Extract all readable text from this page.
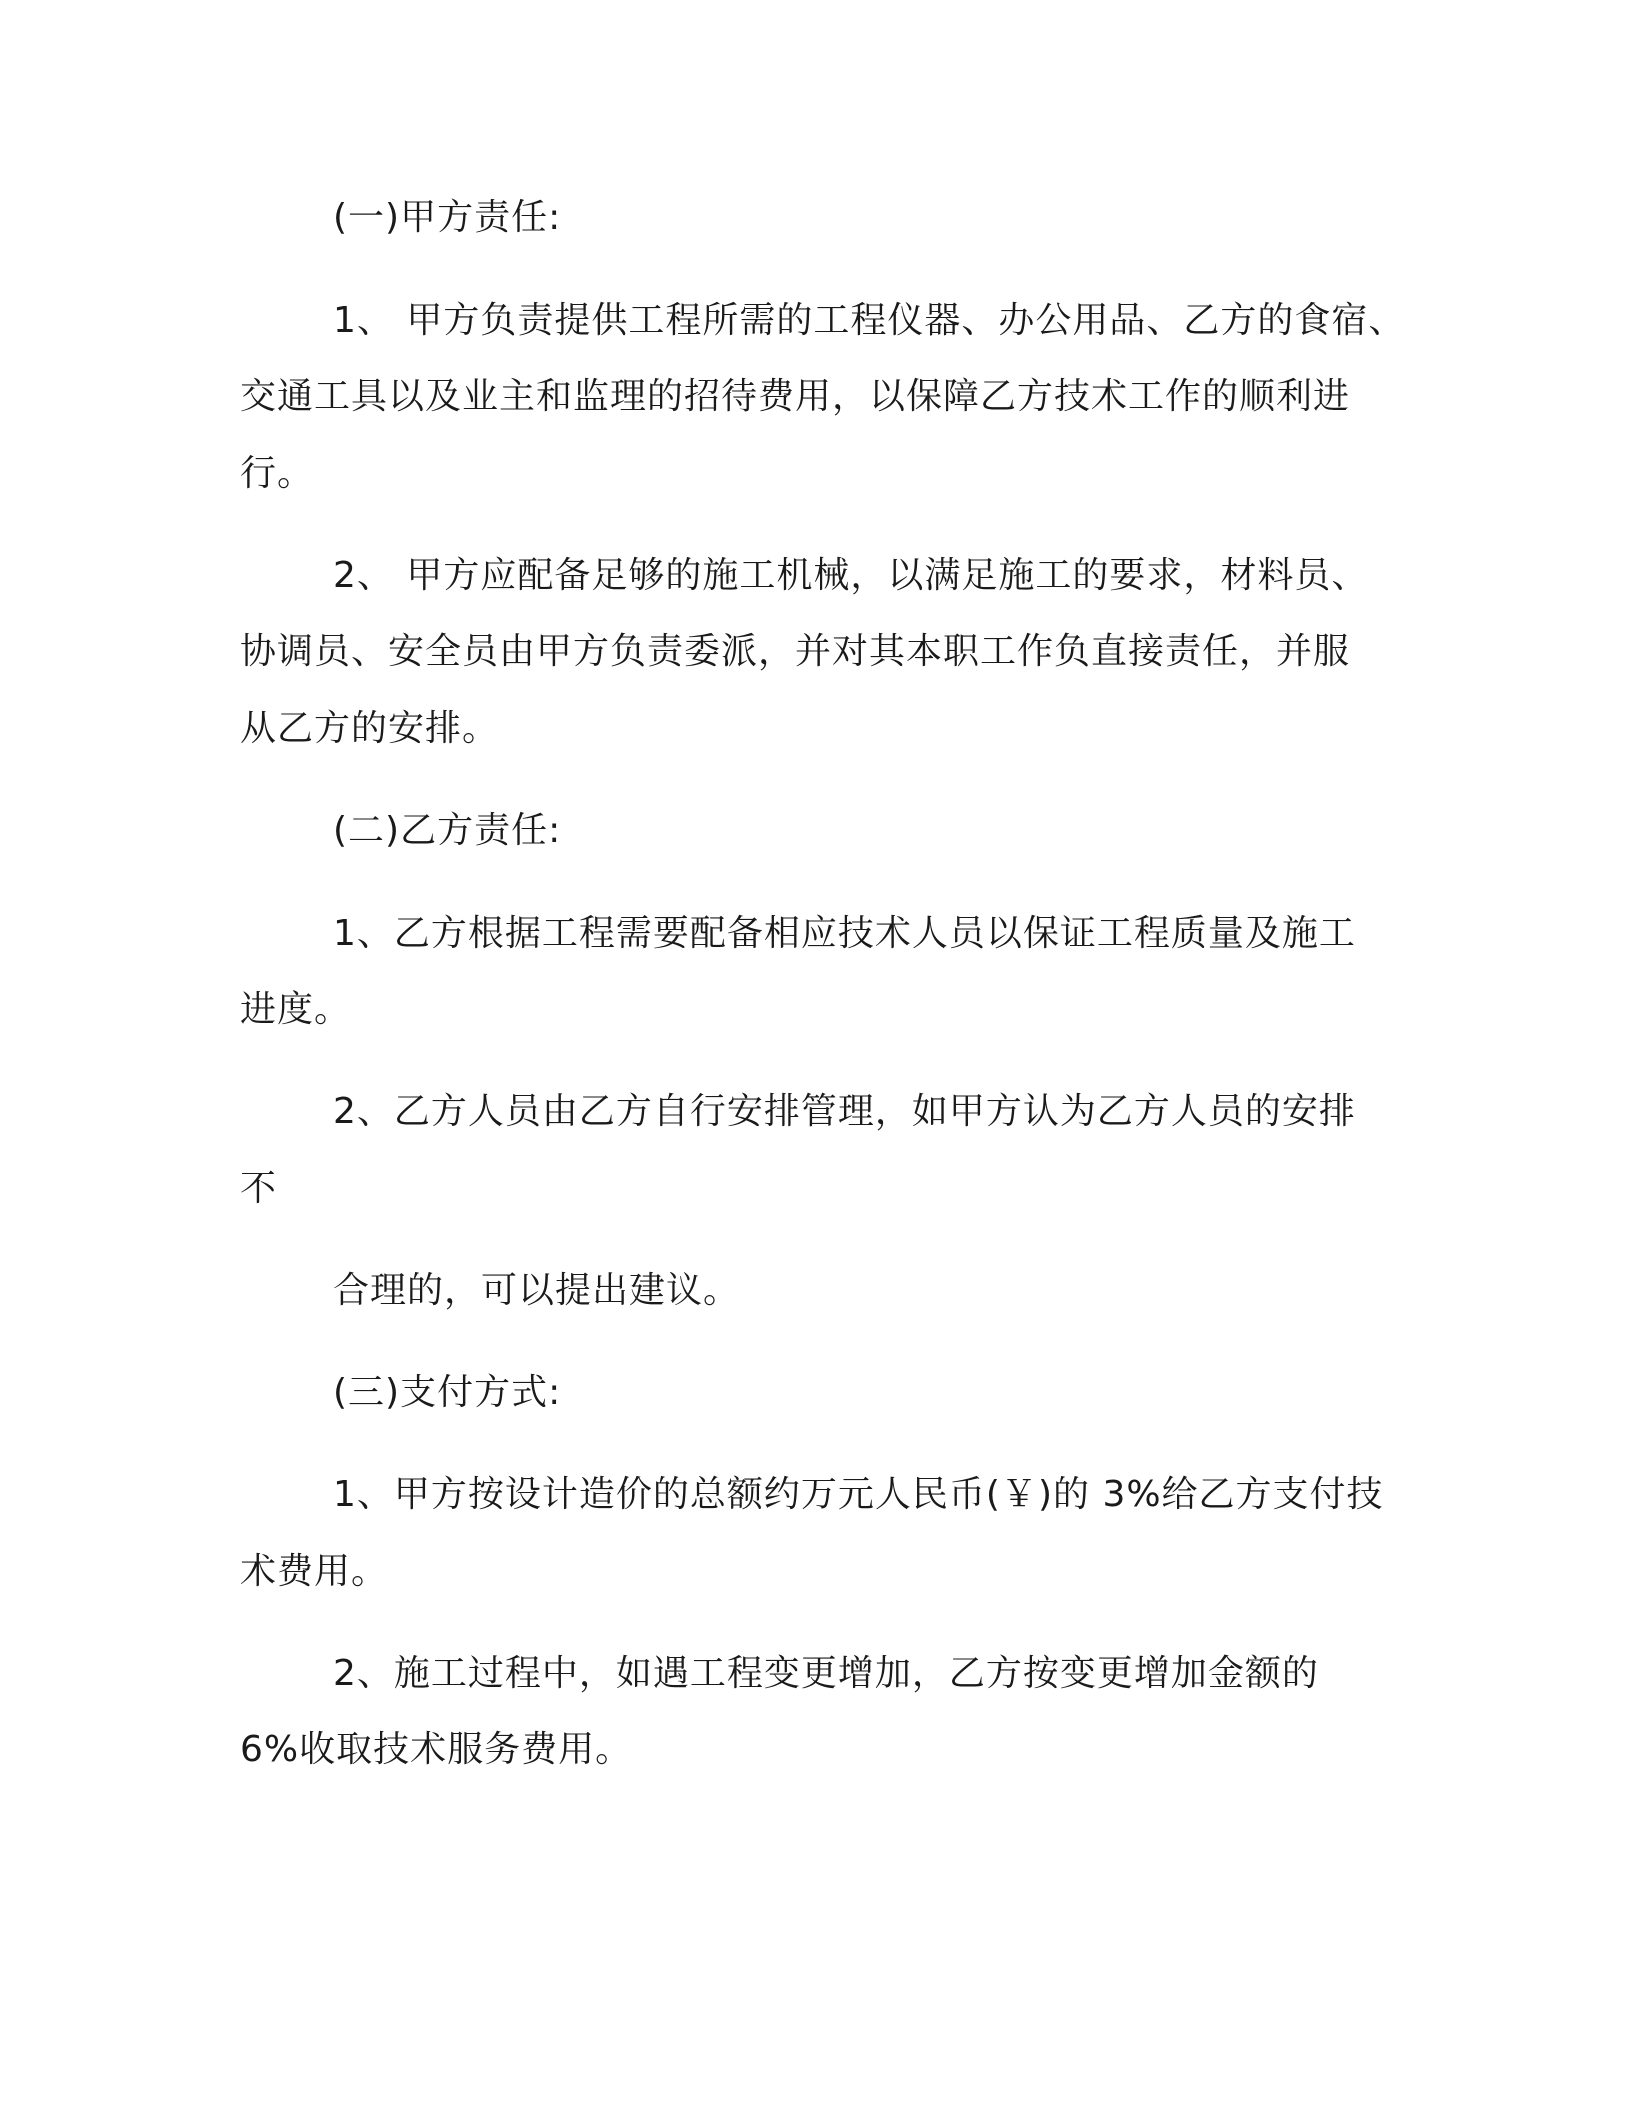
(一)甲方责任:
1、 甲方负责提供工程所需的工程仪器、办公用品、乙方的食宿、
交通工具以及业主和监理的招待费用，以保障乙方技术工作的顺利进
行。
2、 甲方应配备足够的施工机械，以满足施工的要求，材料员、
协调员、安全员由甲方负责委派，并对其本职工作负直接责任，并服
从乙方的安排。
(二)乙方责任:
1、乙方根据工程需要配备相应技术人员以保证工程质量及施工
进度。
2、乙方人员由乙方自行安排管理，如甲方认为乙方人员的安排
不
合理的，可以提出建议。
(三)支付方式:
1、甲方按设计造价的总额约万元人民币(￥)的 3%给乙方支付技
术费用。
2、施工过程中，如遇工程变更增加，乙方按变更增加金额的
6%收取技术服务费用。
